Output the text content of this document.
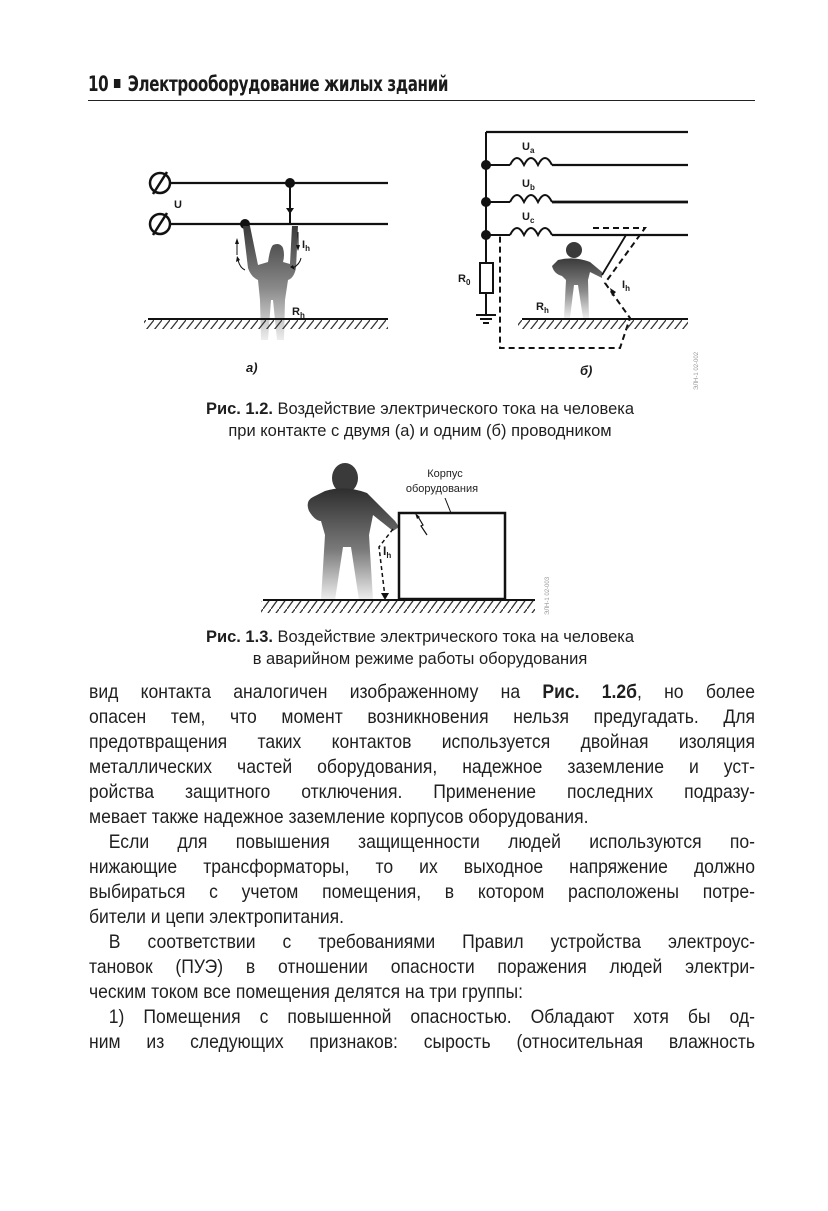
10 Электрооборудование жилых зданий
U
$I_h$
$R_h$
а)
$U_a$
$U_b$
$U_c$
$R_0$
$R_h$
$I_h$
б)	ЭЛН-1 02-002
Рис. 1.2. Воздействие электрического тока на человека
при контакте с двумя (а) и одним (б) проводником
Корпус
оборудования
$I_h$
ЭЛН-1 02-003
Рис. 1.3. Воздействие электрического тока на человека
в аварийном режиме работы оборудования
вид контакта аналогичен изображенному на Рис. 1.2б, но более
опасен тем, что момент возникновения нельзя предугадать. Для
предотвращения таких контактов используется двойная изоляция
металлических частей оборудования, надежное заземление и уст-
ройства защитного отключения. Применение последних подразу-
мевает также надежное заземление корпусов оборудования.
Если для повышения защищенности людей используются по-
нижающие трансформаторы, то их выходное напряжение должно
выбираться с учетом помещения, в котором расположены потре-
бители и цепи электропитания.
В соответствии с требованиями Правил устройства электроус-
тановок (ПУЭ) в отношении опасности поражения людей электри-
ческим током все помещения делятся на три группы:
1) Помещения с повышенной опасностью. Обладают хотя бы од-
ним из следующих признаков: сырость (относительная влажность
